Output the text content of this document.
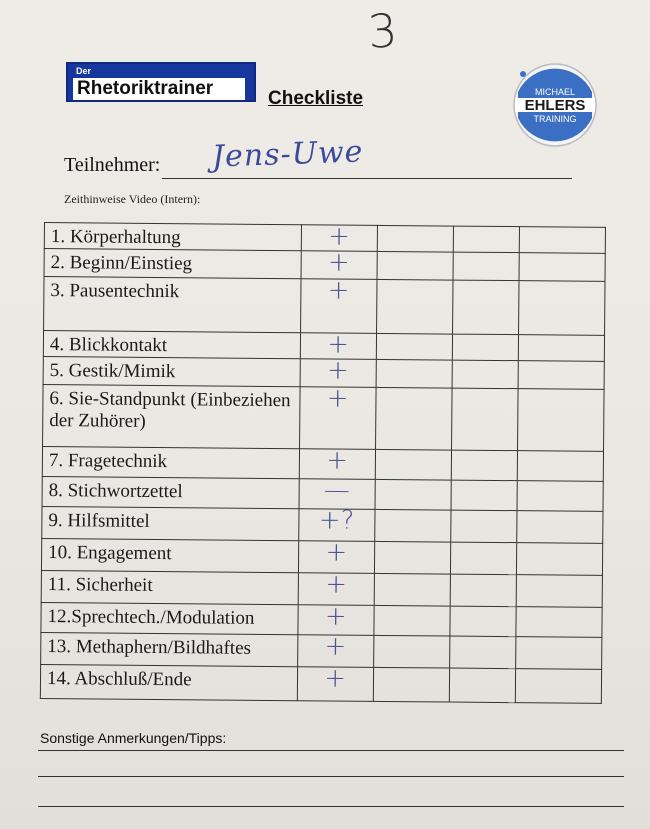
3
Der
Rhetoriktrainer	Checkliste	MICHAEL
EHLERS
TRAINING
Teilnehmer: Jens-Uwe
Zeithinweise Video (Intern):
1. Körperhaltung	+			

2. Beginn/Einstieg	+			

3. Pausentechnik	+			

4. Blickkontakt	+			

5. Gestik/Mimik	+			

6. Sie-Standpunkt (Einbeziehen der Zuhörer)	+			

7. Fragetechnik	+			

8. Stichwortzettel	—			

9. Hilfsmittel	+?			

10. Engagement	+			

11. Sicherheit	+			

12.Sprechtech./Modulation	+			

13. Methaphern/Bildhaftes	+			

14. Abschluß/Ende	+			

Sonstige Anmerkungen/Tipps:
